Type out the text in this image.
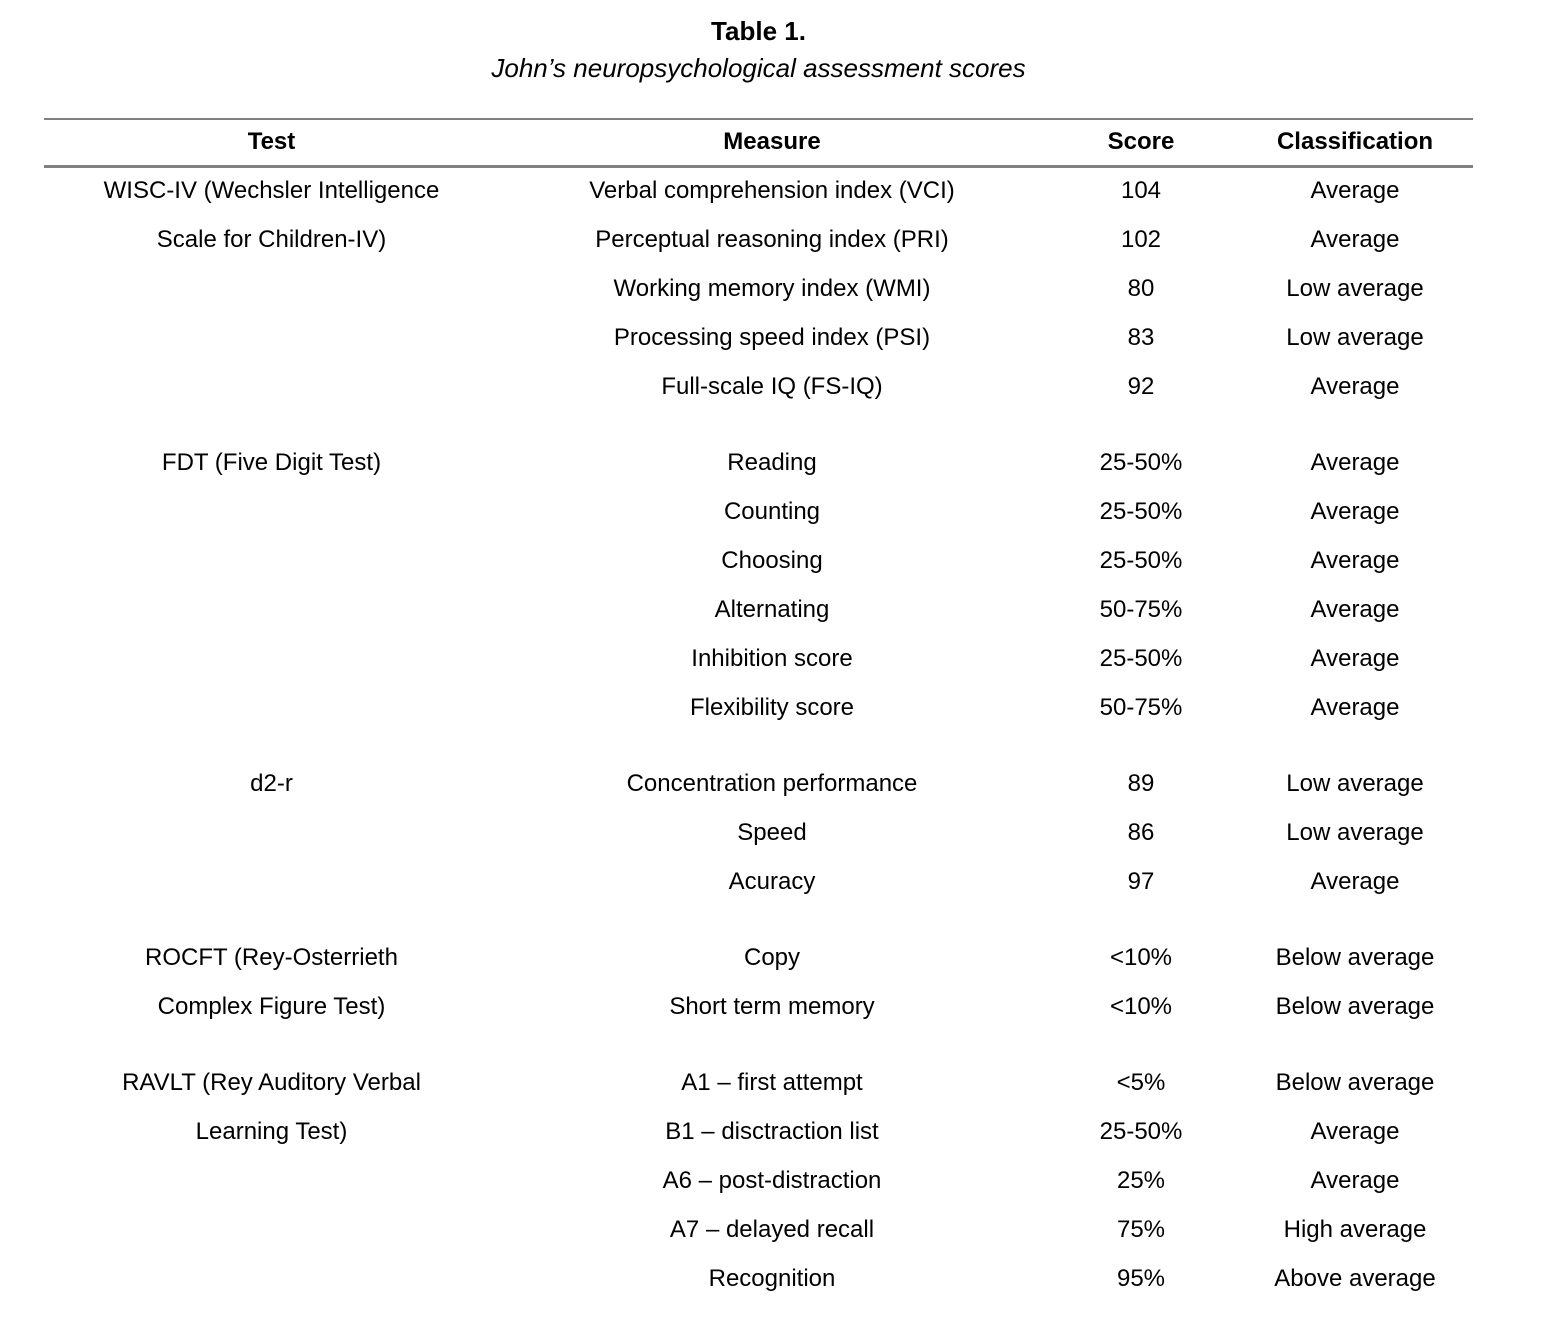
Table 1.
John’s neuropsychological assessment scores
Test	Measure	Score	Classification
WISC-IV (Wechsler Intelligence	Verbal comprehension index (VCI)	104	Average
Scale for Children-IV)	Perceptual reasoning index (PRI)	102	Average
	Working memory index (WMI)	80	Low average
	Processing speed index (PSI)	83	Low average
	Full-scale IQ (FS-IQ)	92	Average

FDT (Five Digit Test)	Reading	25-50%	Average
	Counting	25-50%	Average
	Choosing	25-50%	Average
	Alternating	50-75%	Average
	Inhibition score	25-50%	Average
	Flexibility score	50-75%	Average

d2-r	Concentration performance	89	Low average
	Speed	86	Low average
	Acuracy	97	Average

ROCFT (Rey-Osterrieth	Copy	<10%	Below average
Complex Figure Test)	Short term memory	<10%	Below average

RAVLT (Rey Auditory Verbal	A1 – first attempt	<5%	Below average
Learning Test)	B1 – disctraction list	25-50%	Average
	A6 – post-distraction	25%	Average
	A7 – delayed recall	75%	High average
	Recognition	95%	Above average
